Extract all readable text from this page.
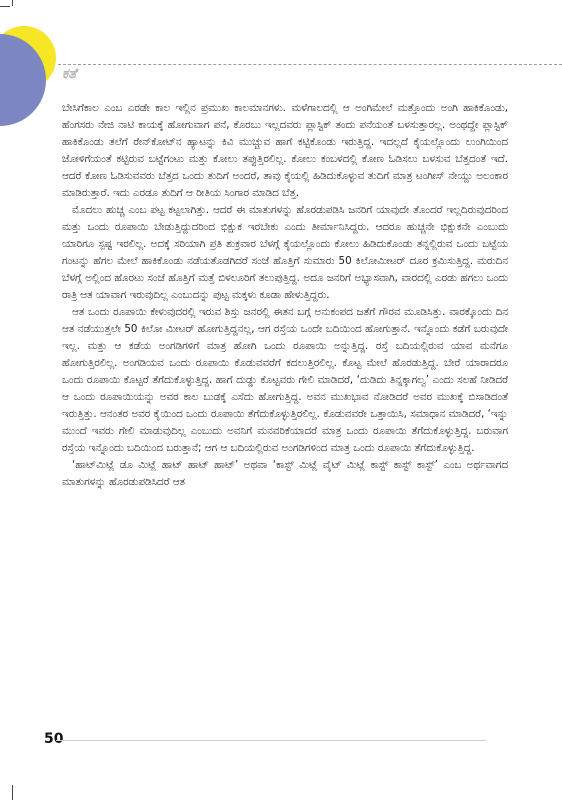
ಕತೆ

ಬೇಸಿಗೆಕಾಲ ಎಂಬ ಎರಡೇ ಕಾಲ ಇಲ್ಲಿನ ಪ್ರಮುಖ ಕಾಲಮಾನಗಳು. ಮಳೆಗಾಲದಲ್ಲಿ ಆ ಅಂಗಿಮೇಲೆ ಮತ್ತೊಂದು ಅಂಗಿ ಹಾಕಿಕೊಂಡು, ಹೆಂಗಸರು ನೇಜಿ ನಾಟಿ ಕಾಯಕ್ಕೆ ಹೋಗುವಾಗ ಪನೆ, ಕೊರಬು ಇಲ್ಲದವರು ಪ್ಲಾಸ್ಟಿಕ್ ತಂದು ಪನೆಯಂತೆ ಬಳಸುತ್ತಾರಲ್ಲ. ಅಂಥದ್ದೇ ಪ್ಲಾಸ್ಟಿಕ್ ಹಾಕಿಕೊಂಡು ತಲೆಗೆ ರೇನ್‌ಕೋಟ್‌ನ ಹ್ಯಾಟನ್ನು ಕಿವಿ ಮುಚ್ಚುವ ಹಾಗೆ ಕಟ್ಟಿಕೊಂಡು ಇರುತ್ತಿದ್ದ. ಇದಲ್ಲದೆ ಕೈಯಲ್ಲೊಂದು ಲುಂಗಿಯಿಂದ ಜೋಳಿಗೆಯಂತೆ ಕಟ್ಟಿರುವ ಬಟ್ಟೆಗಂಟು ಮತ್ತು ಕೋಲು ತಪ್ಪುತ್ತಿರಲಿಲ್ಲ. ಕೋಲು ಕಂಬಳದಲ್ಲಿ ಕೋಣ ಓಡಿಸಲು ಬಳಸುವ ಬೆತ್ತದಂತೆ ಇದೆ. ಆದರೆ ಕೋಣ ಓಡಿಸುವವರು ಬೆತ್ತದ ಒಂದು ತುದಿಗೆ ಅಂದರೆ, ತಾವು ಕೈಯಲ್ಲಿ ಹಿಡಿದುಕೊಳ್ಳುವ ತುದಿಗೆ ಮಾತ್ರ ಟಂಗೀಸ್ ನೇಯ್ದು ಅಲಂಕಾರ ಮಾಡಿರುತ್ತಾರೆ. ಇದು ಎರಡೂ ತುದಿಗೆ ಆ ರೀತಿಯ ಸಿಂಗಾರ ಮಾಡಿದ ಬೆತ್ತ.

ಮೊದಲು ಹುಚ್ಚ ಎಂಬ ಪಟ್ಟ ಕಟ್ಟಲಾಗಿತ್ತು. ಆದರೆ ಈ ಮಾತುಗಳನ್ನು ಹೊರಡುಪಡಿಸಿ ಜನರಿಗೆ ಯಾವುದೇ ತೊಂದರೆ ಇಲ್ಲದಿರುವುದರಿಂದ ಮತ್ತು ಒಂದು ರೂಪಾಯಿ ಬೇಡುತ್ತಿದ್ದುದರಿಂದ ಭಿಕ್ಷುಕ ಇರಬೇಕು ಎಂದು ತೀರ್ಮಾನಿಸಿದ್ದರು. ಆದರೂ ಹುಚ್ಚನೇ ಭಿಕ್ಷುಕನೇ ಎಂಬುದು ಯಾರಿಗೂ ಸ್ಪಷ್ಟ ಇರಲಿಲ್ಲ. ಅದಕ್ಕೆ ಸರಿಯಾಗಿ ಪ್ರತಿ ಶುಕ್ರವಾರ ಬೆಳಗ್ಗೆ ಕೈಯಲ್ಲೊಂದು ಕೋಲು ಹಿಡಿದುಕೊಂಡು ತನ್ನಲ್ಲಿರುವ ಒಂದು ಬಟ್ಟೆಯ ಗಂಟನ್ನು ಹೆಗಲ ಮೇಲೆ ಹಾಕಿಕೊಂಡು ನಡೆಯತೊಡಗಿದರೆ ಸಂಜೆ ಹೊತ್ತಿಗೆ ಸುಮಾರು 50 ಕಿಲೋಮೀಟರ್ ದೂರ ಕ್ರಮಿಸುತ್ತಿದ್ದ. ಮರುದಿನ ಬೆಳಗ್ಗೆ ಅಲ್ಲಿಂದ ಹೊರಟು ಸಂಜೆ ಹೊತ್ತಿಗೆ ಮತ್ತೆ ಬಿಳಲೂರಿಗೆ ತಲುಪುತ್ತಿದ್ದ. ಅದೂ ಜನರಿಗೆ ಅಭ್ಯಾಸವಾಗಿ, ವಾರದಲ್ಲಿ ಎರಡು ಹಗಲು ಒಂದು ರಾತ್ರಿ ಆತ ಯಾವಾಗ ಇರುವುದಿಲ್ಲ ಎಂಬುದನ್ನು ಪುಟ್ಟ ಮಕ್ಕಳು ಕೂಡಾ ಹೇಳುತ್ತಿದ್ದರು.

ಆತ ಒಂದು ರೂಪಾಯಿ ಕೇಳುವುದರಲ್ಲಿ ಇರುವ ಶಿಸ್ತು ಜನರಲ್ಲಿ ಈತನ ಬಗ್ಗೆ ಅನುಕಂಪದ ಜತೆಗೆ ಗೌರವ ಮೂಡಿಸಿತ್ತು. ವಾರಕ್ಕೊಂದು ದಿನ ಆತ ನಡೆಯುತ್ತಲೇ 50 ಕಿಲೋ ಮೀಟರ್ ಹೋಗುತ್ತಿದ್ದನಲ್ಲ, ಆಗ ರಸ್ತೆಯ ಒಂದೇ ಬದಿಯಿಂದ ಹೋಗುತ್ತಾನೆ. ಇನ್ನೊಂದು ಕಡೆಗೆ ಬರುವುದೇ ಇಲ್ಲ. ಮತ್ತು ಆ ಕಡೆಯ ಅಂಗಡಿಗಳಿಗೆ ಮಾತ್ರ ಹೋಗಿ ಒಂದು ರೂಪಾಯಿ ಅನ್ನುತ್ತಿದ್ದ. ರಸ್ತೆ ಬದಿಯಲ್ಲಿರುವ ಯಾವ ಮನೆಗೂ ಹೋಗುತ್ತಿರಲಿಲ್ಲ. ಅಂಗಡಿಯವ ಒಂದು ರೂಪಾಯಿ ಕೊಡುವವರೆಗೆ ಕದಲುತ್ತಿರಲಿಲ್ಲ. ಕೊಟ್ಟ ಮೇಲೆ ಹೊರಡುತ್ತಿದ್ದ. ಬೇರೆ ಯಾರಾದರೂ ಒಂದು ರೂಪಾಯಿ ಕೊಟ್ಟರೆ ತೆಗೆದುಕೊಳ್ಳುತ್ತಿದ್ದ. ಹಾಗೆ ದುಡ್ಡು ಕೊಟ್ಟವರು ಗೇಲಿ ಮಾಡಿದರೆ, ‘ದುಡಿದು ತಿನ್ನಕ್ಕಾಗಲ್ವ’ ಎಂದು ಸಲಹೆ ನೀಡಿದರೆ ಆ ಒಂದು ರೂಪಾಯಿಯನ್ನು ಅವರ ಕಾಲ ಬುಡಕ್ಕೆ ಎಸೆದು ಹೋಗುತ್ತಿದ್ದ. ಅವನ ಮುಖಭಾವ ನೋಡಿದರೆ ಅವರ ಮುಖಕ್ಕೆ ಬಿಸಾಡಿದಂತೆ ಇರುತ್ತಿತ್ತು. ಆನಂತರ ಅವರ ಕೈಯಿಂದ ಒಂದು ರೂಪಾಯಿ ತೆಗೆದುಕೊಳ್ಳುತ್ತಿರಲಿಲ್ಲ. ಕೊಡುವವರೇ ಒತ್ತಾಯಿಸಿ, ಸಮಾಧಾನ ಮಾಡಿದರೆ, ‘ಇನ್ನು ಮುಂದೆ ಇವರು ಗೇಲಿ ಮಾಡುವುದಿಲ್ಲ ಎಂಬುದು ಅವನಿಗೆ ಮನವರಿಕೆಯಾದರೆ ಮಾತ್ರ ಒಂದು ರೂಪಾಯಿ ತೆಗೆದುಕೊಳ್ಳುತ್ತಿದ್ದ. ಬರುವಾಗ ರಸ್ತೆಯ ಇನ್ನೊಂದು ಬದಿಯಿಂದ ಬರುತ್ತಾನೆ; ಆಗ ಆ ಬದಿಯಲ್ಲಿರುವ ಅಂಗಡಿಗಳಿಂದ ಮಾತ್ರ ಒಂದು ರೂಪಾಯಿ ತೆಗೆದುಕೊಳ್ಳುತ್ತಿದ್ದ.

‘ಹಾಟ್‌ಮಿಟ್ಲೆ ಡೂ ಮಿಟ್ಲೆ ಹಾಟ್ ಹಾಟ್ ಹಾಟ್’ ಅಥವಾ ‘ಕಾಸ್ಟ್ ಮಿಟ್ಲೆ ವೈಟ್ ಮಿಟ್ಲೆ ಕಾಸ್ಟ್ ಕಾಸ್ಟ್ ಕಾಸ್ಟ್’ ಎಂಬ ಅರ್ಥವಾಗದ ಮಾತುಗಳನ್ನು ಹೊರಡುಪಡಿಸಿದರೆ ಆತ

50
